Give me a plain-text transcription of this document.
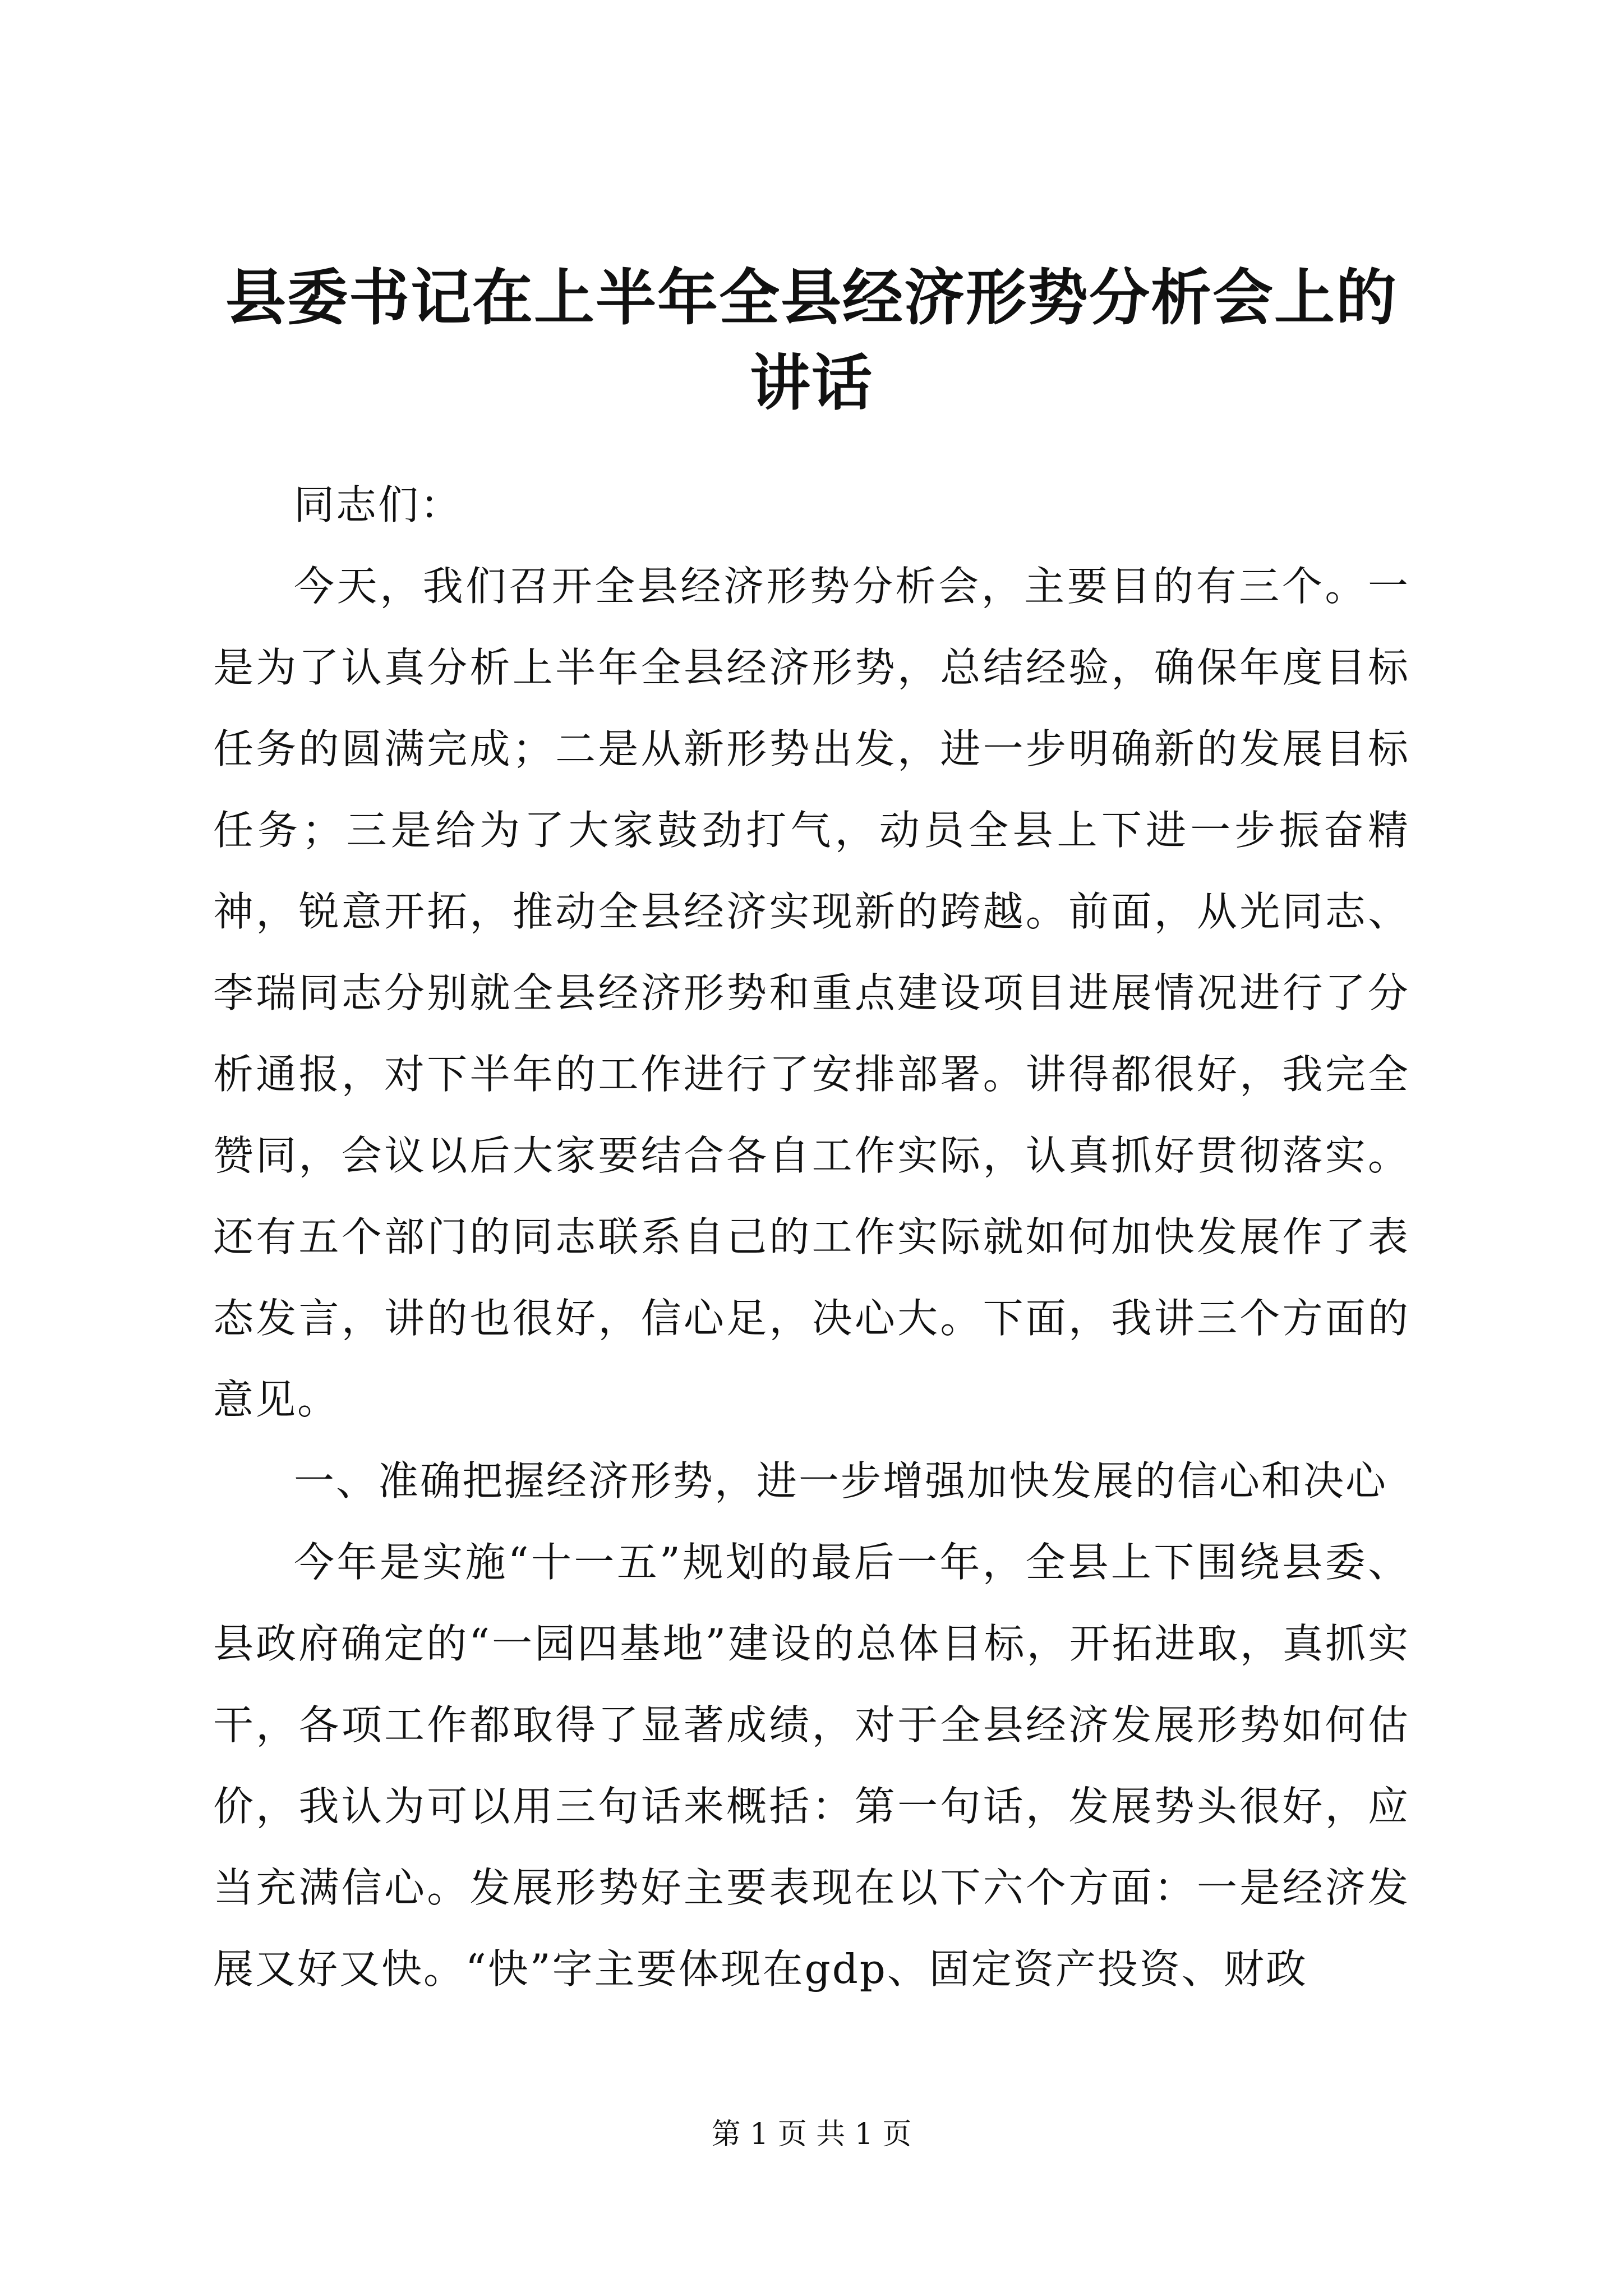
县委书记在上半年全县经济形势分析会上的讲话

同志们：

今天，我们召开全县经济形势分析会，主要目的有三个。一是为了认真分析上半年全县经济形势，总结经验，确保年度目标任务的圆满完成；二是从新形势出发，进一步明确新的发展目标任务；三是给为了大家鼓劲打气，动员全县上下进一步振奋精神，锐意开拓，推动全县经济实现新的跨越。前面，从光同志、李瑞同志分别就全县经济形势和重点建设项目进展情况进行了分析通报，对下半年的工作进行了安排部署。讲得都很好，我完全赞同，会议以后大家要结合各自工作实际，认真抓好贯彻落实。还有五个部门的同志联系自己的工作实际就如何加快发展作了表态发言，讲的也很好，信心足，决心大。下面，我讲三个方面的意见。

一、准确把握经济形势，进一步增强加快发展的信心和决心

今年是实施“十一五”规划的最后一年，全县上下围绕县委、县政府确定的“一园四基地”建设的总体目标，开拓进取，真抓实干，各项工作都取得了显著成绩，对于全县经济发展形势如何估价，我认为可以用三句话来概括：第一句话，发展势头很好，应当充满信心。发展形势好主要表现在以下六个方面：一是经济发展又好又快。“快”字主要体现在gdp、固定资产投资、财政

第 1 页 共 1 页
